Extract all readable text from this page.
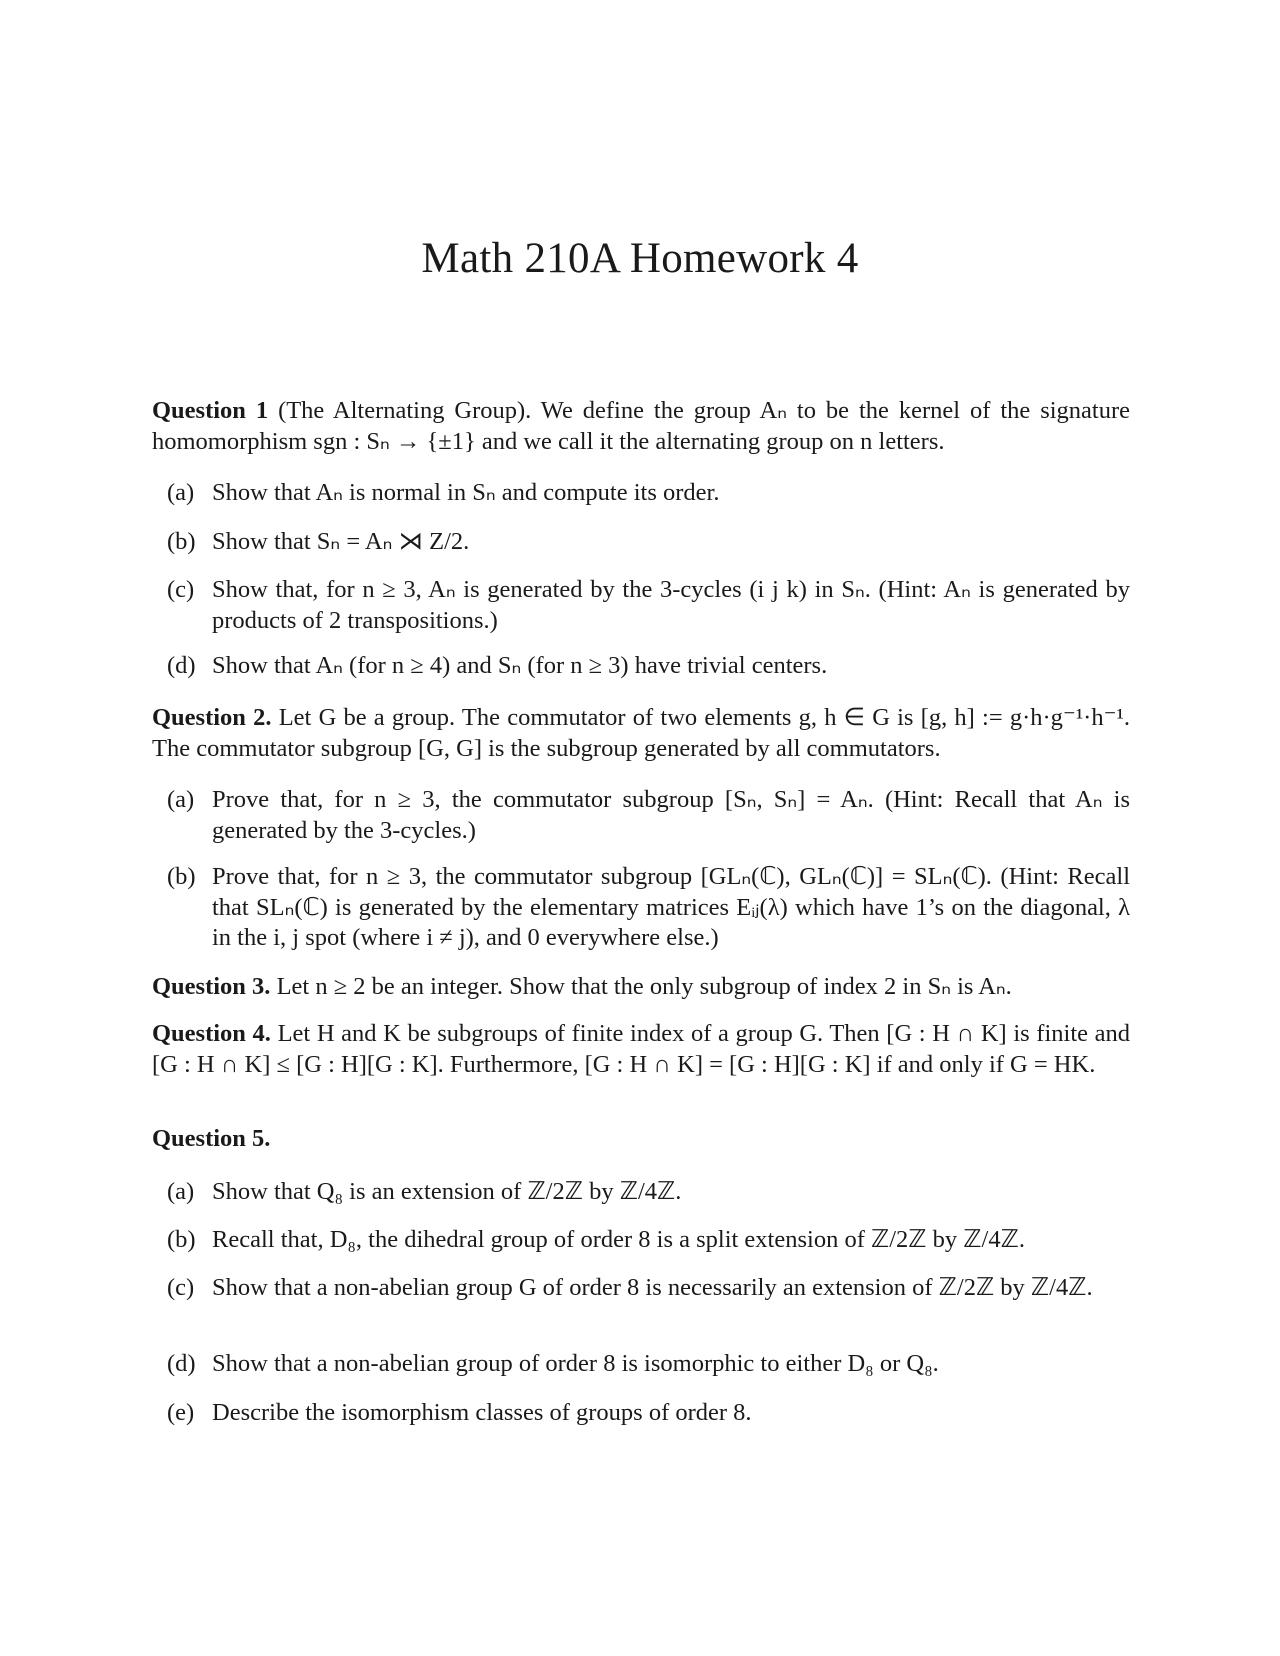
Math 210A Homework 4
Question 1 (The Alternating Group). We define the group Aₙ to be the kernel of the signature homomorphism sgn : Sₙ → {±1} and we call it the alternating group on n letters.
(a) Show that Aₙ is normal in Sₙ and compute its order.
(b) Show that Sₙ = Aₙ ⋊ Z/2.
(c) Show that, for n ≥ 3, Aₙ is generated by the 3-cycles (i j k) in Sₙ. (Hint: Aₙ is generated by products of 2 transpositions.)
(d) Show that Aₙ (for n ≥ 4) and Sₙ (for n ≥ 3) have trivial centers.
Question 2. Let G be a group. The commutator of two elements g, h ∈ G is [g, h] := g·h·g⁻¹·h⁻¹. The commutator subgroup [G, G] is the subgroup generated by all commutators.
(a) Prove that, for n ≥ 3, the commutator subgroup [Sₙ, Sₙ] = Aₙ. (Hint: Recall that Aₙ is generated by the 3-cycles.)
(b) Prove that, for n ≥ 3, the commutator subgroup [GLₙ(ℂ), GLₙ(ℂ)] = SLₙ(ℂ). (Hint: Recall that SLₙ(ℂ) is generated by the elementary matrices Eᵢⱼ(λ) which have 1’s on the diagonal, λ in the i, j spot (where i ≠ j), and 0 everywhere else.)
Question 3. Let n ≥ 2 be an integer. Show that the only subgroup of index 2 in Sₙ is Aₙ.
Question 4. Let H and K be subgroups of finite index of a group G. Then [G : H ∩ K] is finite and [G : H ∩ K] ≤ [G : H][G : K]. Furthermore, [G : H ∩ K] = [G : H][G : K] if and only if G = HK.
Question 5.
(a) Show that Q₈ is an extension of ℤ/2ℤ by ℤ/4ℤ.
(b) Recall that, D₈, the dihedral group of order 8 is a split extension of ℤ/2ℤ by ℤ/4ℤ.
(c) Show that a non-abelian group G of order 8 is necessarily an extension of ℤ/2ℤ by ℤ/4ℤ.
(d) Show that a non-abelian group of order 8 is isomorphic to either D₈ or Q₈.
(e) Describe the isomorphism classes of groups of order 8.
